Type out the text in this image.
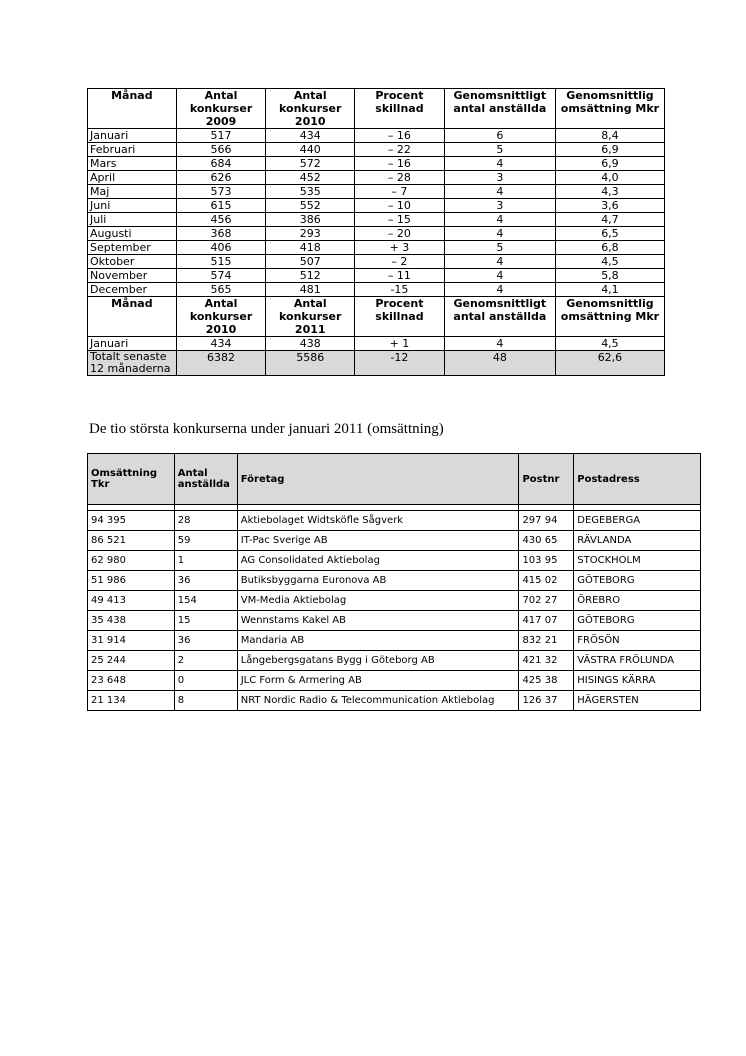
Månad	Antal konkurser 2009	Antal konkurser 2010	Procent skillnad	Genomsnittligt antal anställda	Genomsnittlig omsättning Mkr
Januari	517	434	– 16	6	8,4
Februari	566	440	– 22	5	6,9
Mars	684	572	– 16	4	6,9
April	626	452	– 28	3	4,0
Maj	573	535	– 7	4	4,3
Juni	615	552	– 10	3	3,6
Juli	456	386	– 15	4	4,7
Augusti	368	293	– 20	4	6,5
September	406	418	+ 3	5	6,8
Oktober	515	507	– 2	4	4,5
November	574	512	– 11	4	5,8
December	565	481	-15	4	4,1
Månad	Antal konkurser 2010	Antal konkurser 2011	Procent skillnad	Genomsnittligt antal anställda	Genomsnittlig omsättning Mkr
Januari	434	438	+ 1	4	4,5
Totalt senaste 12 månaderna	6382	5586	-12	48	62,6
De tio största konkurserna under januari 2011 (omsättning)
Omsättning Tkr	Antal anställda	Företag	Postnr	Postadress

94 395	28	Aktiebolaget Widtsköfle Sågverk	297 94	DEGEBERGA
86 521	59	IT-Pac Sverige AB	430 65	RÄVLANDA
62 980	1	AG Consolidated Aktiebolag	103 95	STOCKHOLM
51 986	36	Butiksbyggarna Euronova AB	415 02	GÖTEBORG
49 413	154	VM-Media Aktiebolag	702 27	ÖREBRO
35 438	15	Wennstams Kakel AB	417 07	GÖTEBORG
31 914	36	Mandaria AB	832 21	FRÖSÖN
25 244	2	Långebergsgatans Bygg i Göteborg AB	421 32	VÄSTRA FRÖLUNDA
23 648	0	JLC Form & Armering AB	425 38	HISINGS KÄRRA
21 134	8	NRT Nordic Radio & Telecommunication Aktiebolag	126 37	HÄGERSTEN
